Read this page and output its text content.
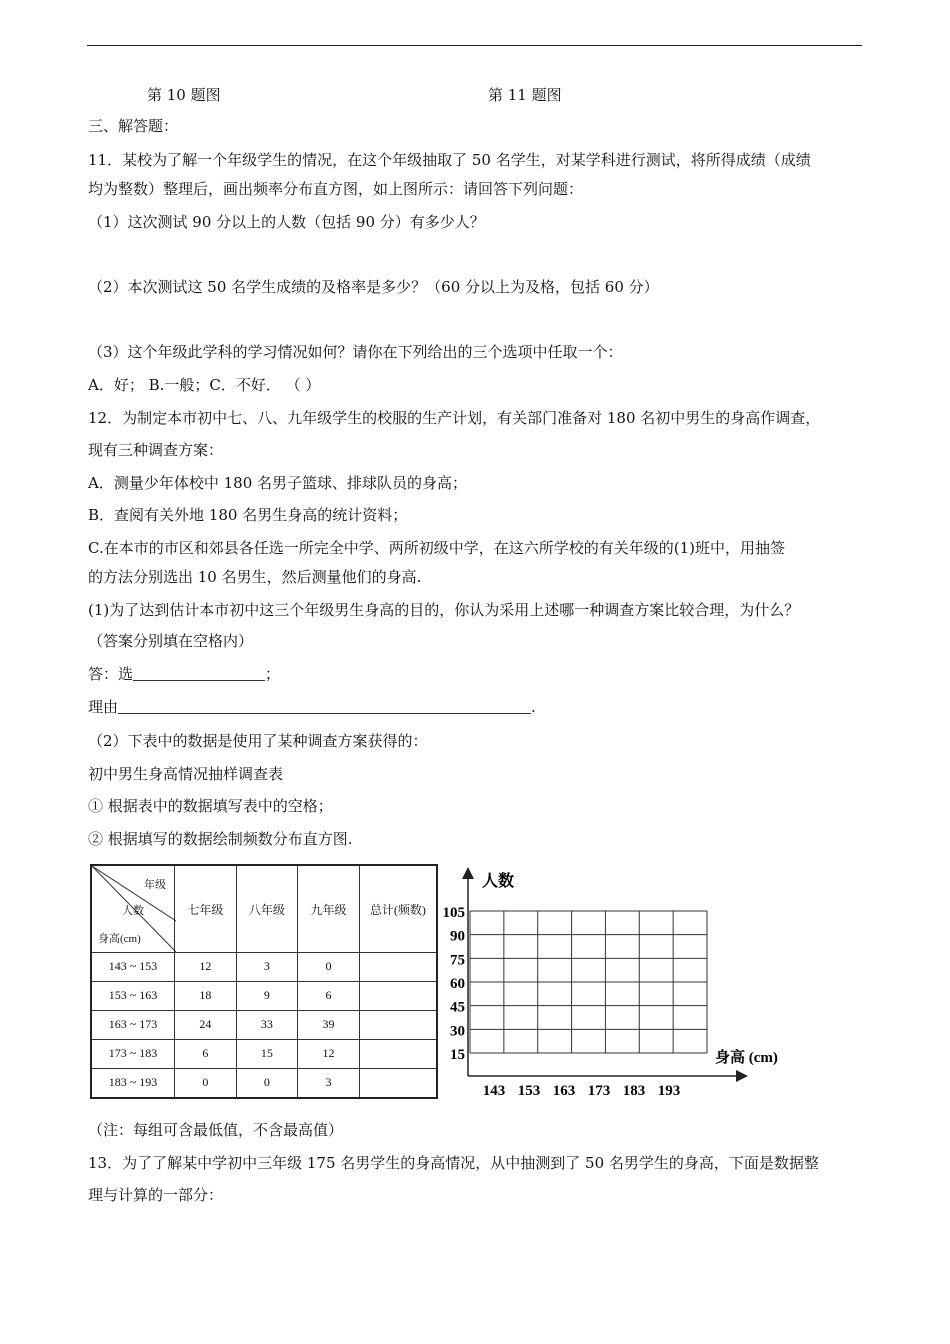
第 10 题图	第 11 题图
三、解答题：
11．某校为了解一个年级学生的情况，在这个年级抽取了 50 名学生，对某学科进行测试，将所得成绩（成绩
均为整数）整理后，画出频率分布直方图，如上图所示：请回答下列问题：
（1）这次测试 90 分以上的人数（包括 90 分）有多少人？
（2）本次测试这 50 名学生成绩的及格率是多少？（60 分以上为及格，包括 60 分）
（3）这个年级此学科的学习情况如何？请你在下列给出的三个选项中任取一个：
A．好； B.一般；C．不好． （ ）
12．为制定本市初中七、八、九年级学生的校服的生产计划，有关部门准备对 180 名初中男生的身高作调查，
现有三种调查方案：
A．测量少年体校中 180 名男子篮球、排球队员的身高；
B．查阅有关外地 180 名男生身高的统计资料；
C.在本市的市区和郊县各任选一所完全中学、两所初级中学，在这六所学校的有关年级的(1)班中，用抽签
的方法分别选出 10 名男生，然后测量他们的身高.
(1)为了达到估计本市初中这三个年级男生身高的目的，你认为采用上述哪一种调查方案比较合理，为什么？
（答案分别填在空格内）
答：选	；
理由	.
（2）下表中的数据是使用了某种调查方案获得的：
初中男生身高情况抽样调查表
① 根据表中的数据填写表中的空格；
② 根据填写的数据绘制频数分布直方图.
年级
人数
身高(cm)	七年级	八年级	九年级	总计(频数)
143 ~ 153	12	3	0	
153 ~ 163	18	9	6	
163 ~ 173	24	33	39	
173 ~ 183	6	15	12	
183 ~ 193	0	0	3	
人数
身高 (cm)
15
30
45
60
75
90
105
143 153 163 173 183 193
（注：每组可含最低值，不含最高值）
13．为了了解某中学初中三年级 175 名男学生的身高情况，从中抽测到了 50 名男学生的身高，下面是数据整
理与计算的一部分：
